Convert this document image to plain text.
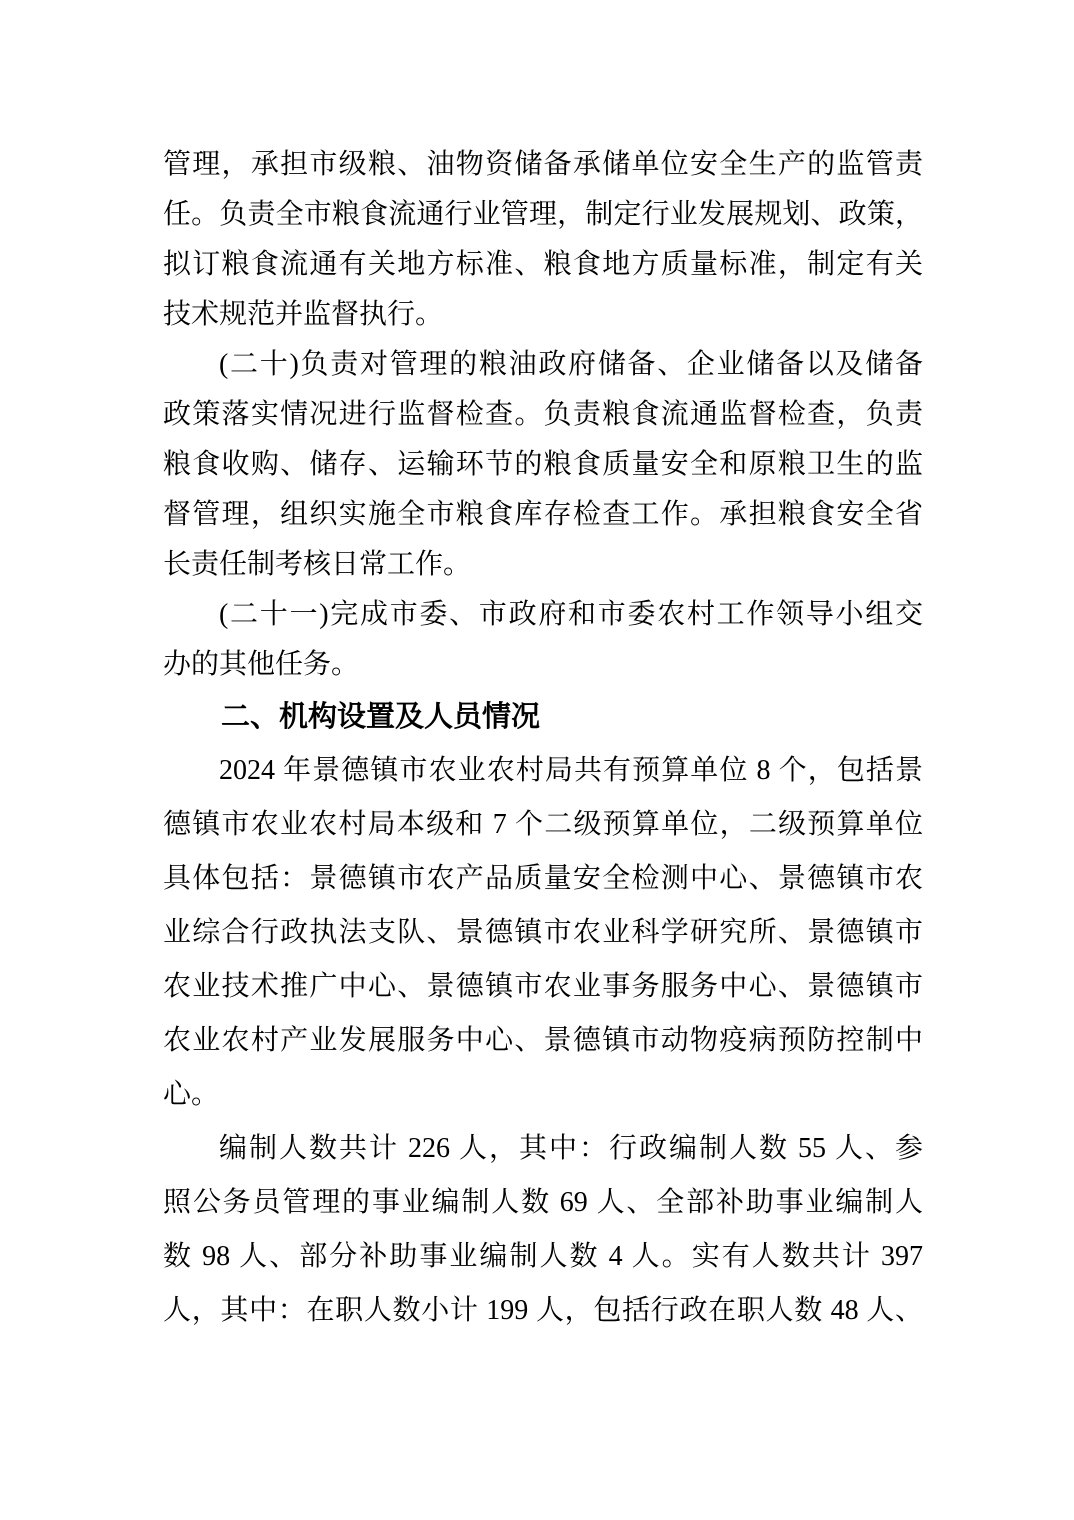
管理，承担市级粮、油物资储备承储单位安全生产的监管责
任。负责全市粮食流通行业管理，制定行业发展规划、政策，
拟订粮食流通有关地方标准、粮食地方质量标准，制定有关
技术规范并监督执行。
(二十)负责对管理的粮油政府储备、企业储备以及储备
政策落实情况进行监督检查。负责粮食流通监督检查，负责
粮食收购、储存、运输环节的粮食质量安全和原粮卫生的监
督管理，组织实施全市粮食库存检查工作。承担粮食安全省
长责任制考核日常工作。
(二十一)完成市委、市政府和市委农村工作领导小组交
办的其他任务。
二、机构设置及人员情况
2024 年景德镇市农业农村局共有预算单位 8 个，包括景
德镇市农业农村局本级和 7 个二级预算单位，二级预算单位
具体包括：景德镇市农产品质量安全检测中心、景德镇市农
业综合行政执法支队、景德镇市农业科学研究所、景德镇市
农业技术推广中心、景德镇市农业事务服务中心、景德镇市
农业农村产业发展服务中心、景德镇市动物疫病预防控制中
心。
编制人数共计 226 人，其中：行政编制人数 55 人、参
照公务员管理的事业编制人数 69 人、全部补助事业编制人
数 98 人、部分补助事业编制人数 4 人。实有人数共计 397
人，其中：在职人数小计 199 人，包括行政在职人数 48 人、
